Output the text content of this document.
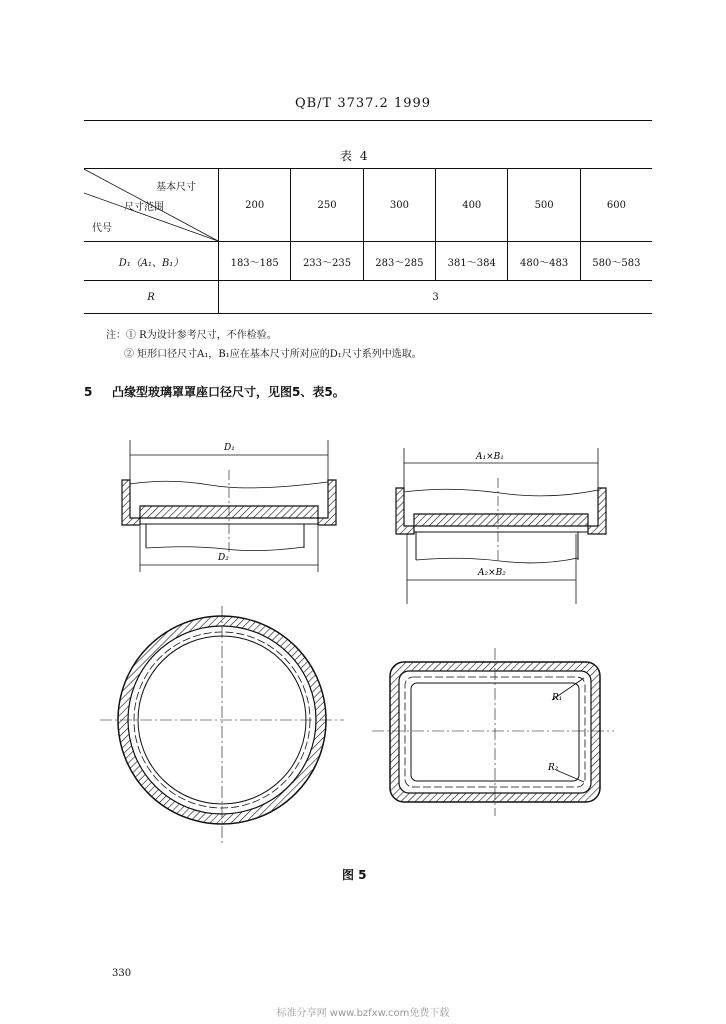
QB/T 3737.2 1999
表 4
基本尺寸
尺寸范围
代号	200	250	300	400	500	600
D₁（A₁、B₁）	183～185	233～235	283～285	381～384	480～483	580～583
R	3					
注：① R为设计参考尺寸，不作检验。
② 矩形口径尺寸A₁，B₁应在基本尺寸所对应的D₁尺寸系列中选取。
5 凸缘型玻璃罩罩座口径尺寸，见图5、表5。
D₁
D₂
A₁×B₁
A₂×B₂
R₁
R₂
图 5
330
标准分享网 www.bzfxw.com免费下载
